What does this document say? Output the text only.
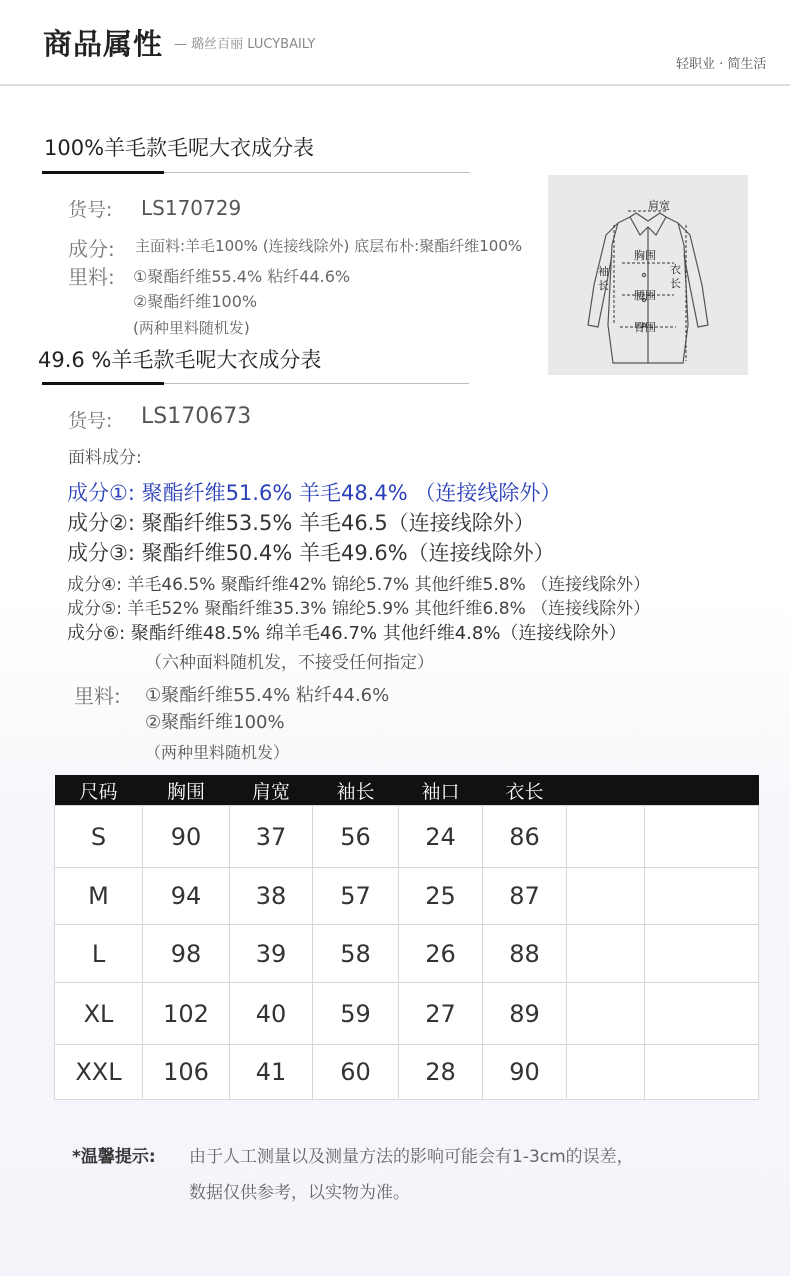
商品属性 — 璐丝百丽 LUCYBAILY
轻职业 · 简生活
100%羊毛款毛呢大衣成分表
货号: LS170729
成分: 主面料:羊毛100% (连接线除外) 底层布朴:聚酯纤维100%
里料: ①聚酯纤维55.4% 粘纤44.6%
②聚酯纤维100%
(两种里料随机发)
肩宽
胸围
袖
长
衣
长
腰围
臀围
49.6 %羊毛款毛呢大衣成分表
货号: LS170673
面料成分:
成分①: 聚酯纤维51.6% 羊毛48.4% （连接线除外）
成分②: 聚酯纤维53.5% 羊毛46.5（连接线除外）
成分③: 聚酯纤维50.4% 羊毛49.6%（连接线除外）
成分④: 羊毛46.5% 聚酯纤维42% 锦纶5.7% 其他纤维5.8% （连接线除外）
成分⑤: 羊毛52% 聚酯纤维35.3% 锦纶5.9% 其他纤维6.8% （连接线除外）
成分⑥: 聚酯纤维48.5% 绵羊毛46.7% 其他纤维4.8%（连接线除外）
（六种面料随机发，不接受任何指定）
里料: ①聚酯纤维55.4% 粘纤44.6%
②聚酯纤维100%
（两种里料随机发）
尺码	胸围	肩宽	袖长	袖口	衣长		
S	90	37	56	24	86		
M	94	38	57	25	87		
L	98	39	58	26	88		
XL	102	40	59	27	89		
XXL	106	41	60	28	90		
*温馨提示: 由于人工测量以及测量方法的影响可能会有1-3cm的误差，
数据仅供参考，以实物为准。
